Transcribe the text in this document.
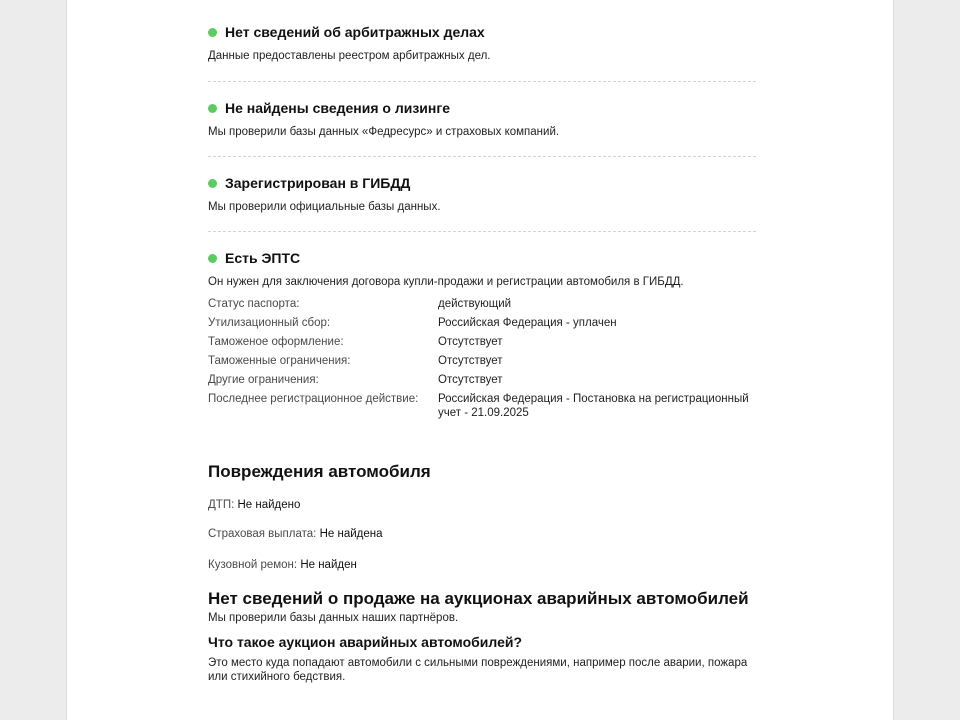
Нет сведений об арбитражных делах

Данные предоставлены реестром арбитражных дел.

Не найдены сведения о лизинге

Мы проверили базы данных «Федресурс» и страховых компаний.

Зарегистрирован в ГИБДД

Мы проверили официальные базы данных.

Есть ЭПТС

Он нужен для заключения договора купли-продажи и регистрации автомобиля в ГИБДД.

Статус паспорта:	действующий
Утилизационный сбор:	Российская Федерация - уплачен
Таможеное оформление:	Отсутствует
Таможенные ограничения:	Отсутствует
Другие ограничения:	Отсутствует
Последнее регистрационное действие:	Российская Федерация - Постановка на регистрационный учет - 21.09.2025
Повреждения автомобиля

ДТП: Не найдено

Страховая выплата: Не найдена

Кузовной ремон: Не найден

Нет сведений о продаже на аукционах аварийных автомобилей

Мы проверили базы данных наших партнёров.

Что такое аукцион аварийных автомобилей?

Это место куда попадают автомобили с сильными повреждениями, например после аварии, пожара или стихийного бедствия.
